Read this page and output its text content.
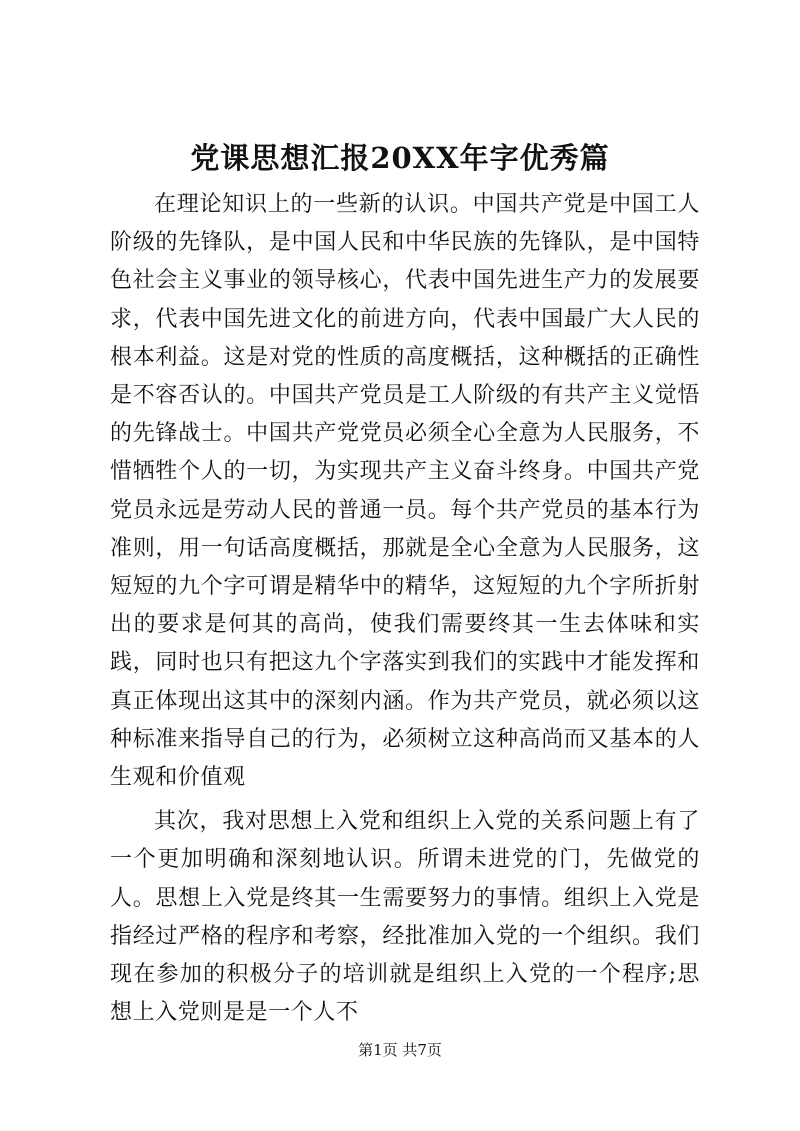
党课思想汇报20XX年字优秀篇

在理论知识上的一些新的认识。中国共产党是中国工人阶级的先锋队，是中国人民和中华民族的先锋队，是中国特色社会主义事业的领导核心，代表中国先进生产力的发展要求，代表中国先进文化的前进方向，代表中国最广大人民的根本利益。这是对党的性质的高度概括，这种概括的正确性是不容否认的。中国共产党员是工人阶级的有共产主义觉悟的先锋战士。中国共产党党员必须全心全意为人民服务，不惜牺牲个人的一切，为实现共产主义奋斗终身。中国共产党党员永远是劳动人民的普通一员。每个共产党员的基本行为准则，用一句话高度概括，那就是全心全意为人民服务，这短短的九个字可谓是精华中的精华，这短短的九个字所折射出的要求是何其的高尚，使我们需要终其一生去体味和实践，同时也只有把这九个字落实到我们的实践中才能发挥和真正体现出这其中的深刻内涵。作为共产党员，就必须以这种标准来指导自己的行为，必须树立这种高尚而又基本的人生观和价值观

其次，我对思想上入党和组织上入党的关系问题上有了一个更加明确和深刻地认识。所谓未进党的门，先做党的人。思想上入党是终其一生需要努力的事情。组织上入党是指经过严格的程序和考察，经批准加入党的一个组织。我们现在参加的积极分子的培训就是组织上入党的一个程序;思想上入党则是是一个人不

第1页 共7页
